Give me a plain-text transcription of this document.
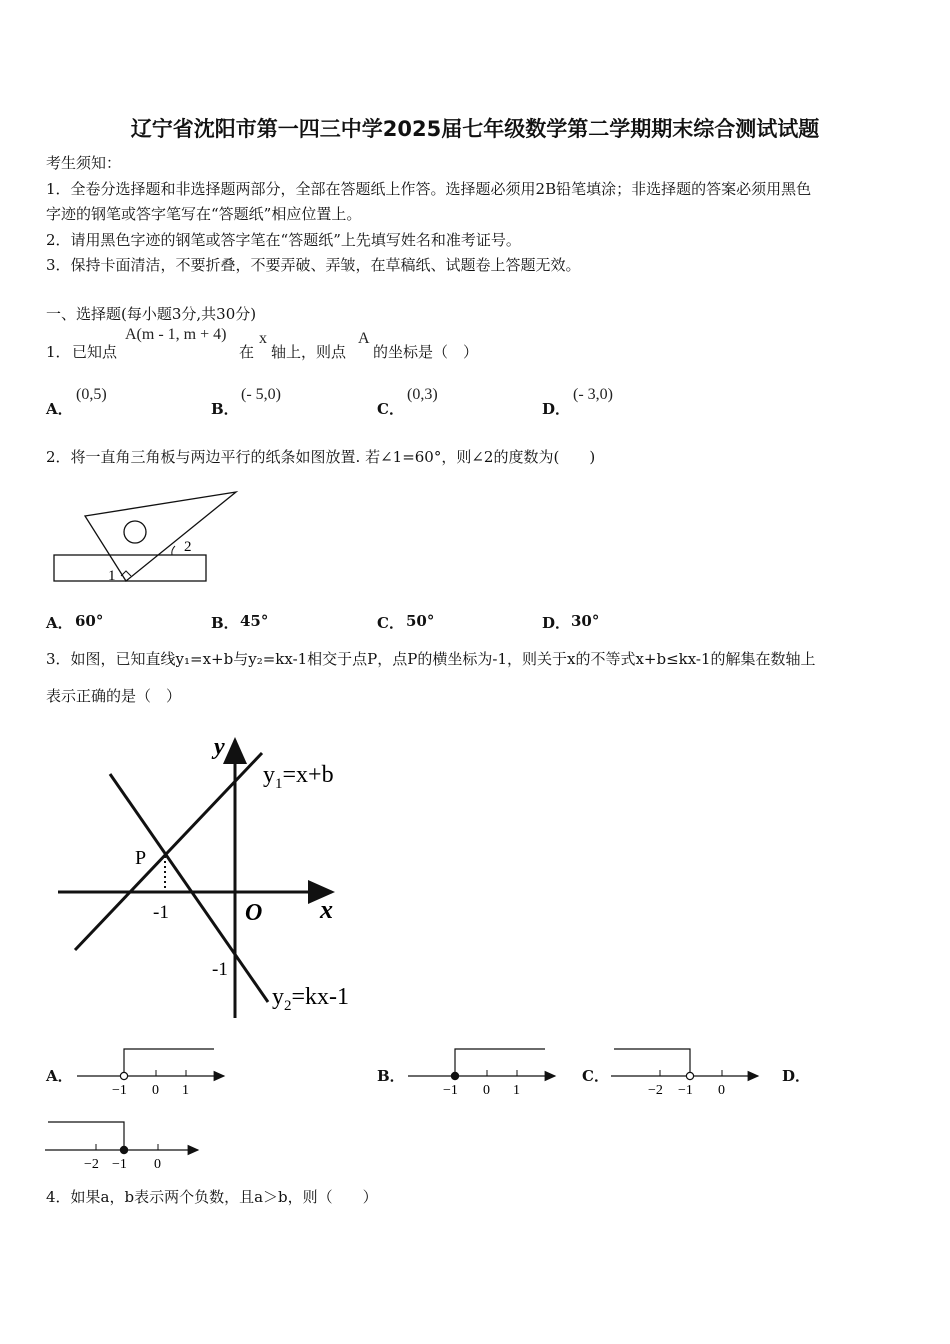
辽宁省沈阳市第一四三中学2025届七年级数学第二学期期末综合测试试题
考生须知：
1．全卷分选择题和非选择题两部分，全部在答题纸上作答。选择题必须用2B铅笔填涂；非选择题的答案必须用黑色
字迹的钢笔或答字笔写在“答题纸”相应位置上。
2．请用黑色字迹的钢笔或答字笔在“答题纸”上先填写姓名和准考证号。
3．保持卡面清洁，不要折叠，不要弄破、弄皱，在草稿纸、试题卷上答题无效。
一、选择题(每小题3分,共30分)
1． 已知点
A(m - 1, m + 4)
在
x
轴上，则点
A
的坐标是（　）
A．
(0,5)
B．
(- 5,0)
C．
(0,3)
D．
(- 3,0)
2．将一直角三角板与两边平行的纸条如图放置. 若∠1=60°，则∠2的度数为(　　)
1
2
A． 60°	B． 45°	C． 50°	D． 30°
3．如图，已知直线y₁=x+b与y₂=kx-1相交于点P，点P的横坐标为-1，则关于x的不等式x+b≤kx-1的解集在数轴上
表示正确的是（　）
y
x
O
P
-1
-1
$y_1=x+b$
$y_2=kx-1$
A．
−1 0 1
B．
−1 0 1
C．
−2 −1 0
D．
−2 −1 0
4．如果a，b表示两个负数，且a＞b，则（　　）
